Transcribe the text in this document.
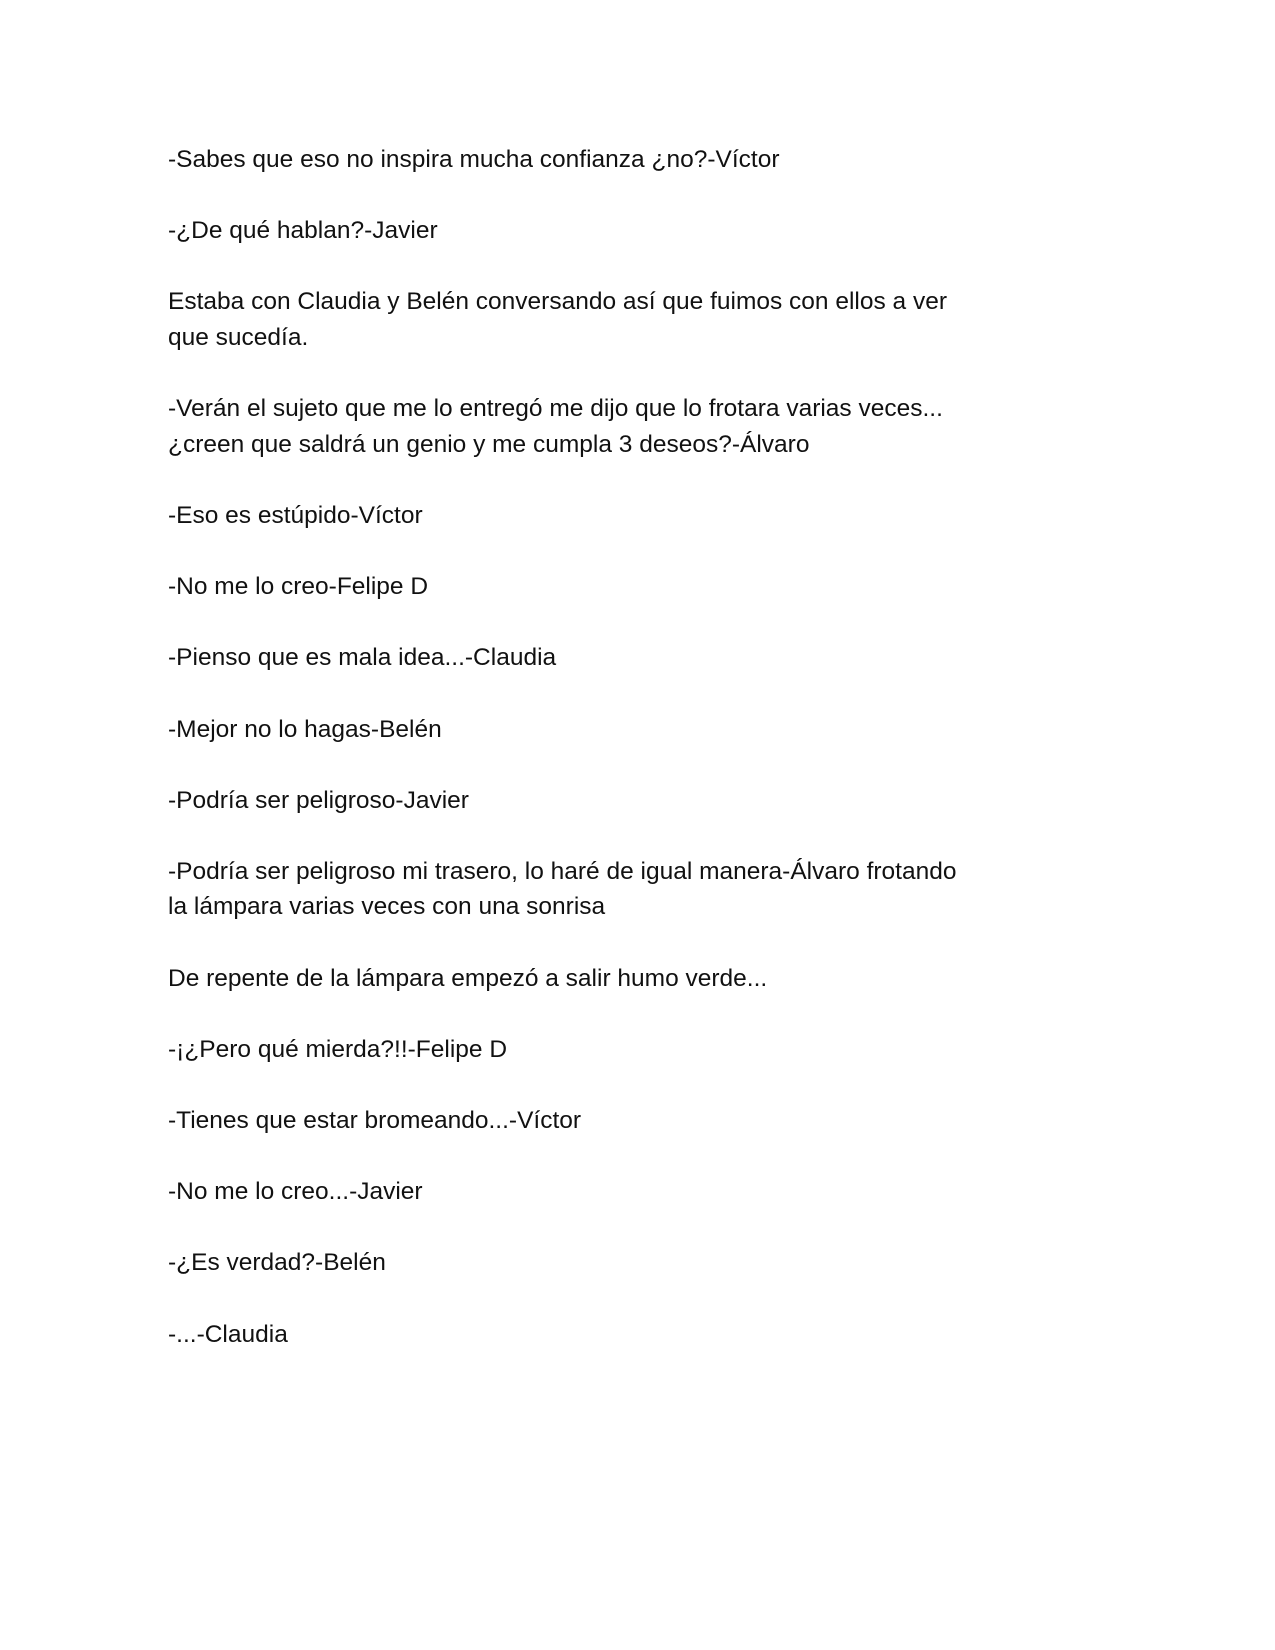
-Sabes que eso no inspira mucha confianza ¿no?-Víctor

-¿De qué hablan?-Javier

Estaba con Claudia y Belén conversando así que fuimos con ellos a ver
que sucedía.

-Verán el sujeto que me lo entregó me dijo que lo frotara varias veces...
¿creen que saldrá un genio y me cumpla 3 deseos?-Álvaro

-Eso es estúpido-Víctor

-No me lo creo-Felipe D

-Pienso que es mala idea...-Claudia

-Mejor no lo hagas-Belén

-Podría ser peligroso-Javier

-Podría ser peligroso mi trasero, lo haré de igual manera-Álvaro frotando
la lámpara varias veces con una sonrisa

De repente de la lámpara empezó a salir humo verde...

-¡¿Pero qué mierda?!!-Felipe D

-Tienes que estar bromeando...-Víctor

-No me lo creo...-Javier

-¿Es verdad?-Belén

-...-Claudia
